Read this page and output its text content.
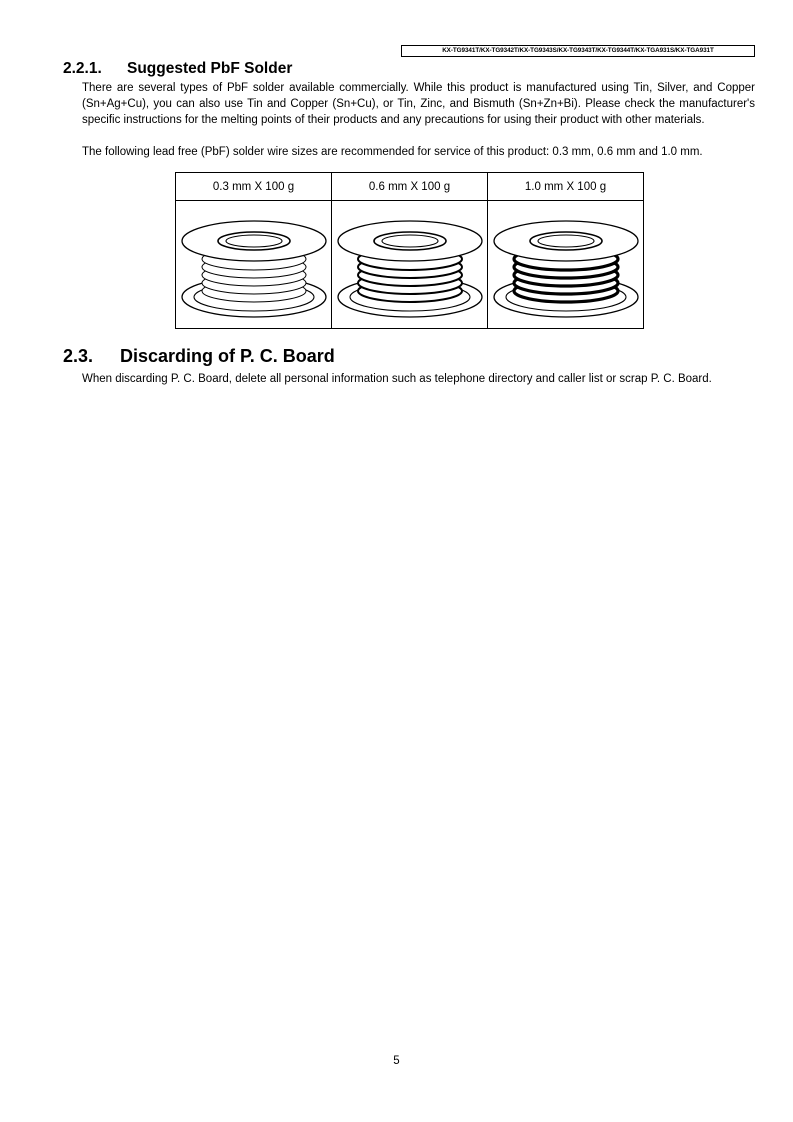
KX-TG9341T/KX-TG9342T/KX-TG9343S/KX-TG9343T/KX-TG9344T/KX-TGA931S/KX-TGA931T
2.2.1. Suggested PbF Solder
There are several types of PbF solder available commercially. While this product is manufactured using Tin, Silver, and Copper (Sn+Ag+Cu), you can also use Tin and Copper (Sn+Cu), or Tin, Zinc, and Bismuth (Sn+Zn+Bi). Please check the manufacturer's specific instructions for the melting points of their products and any precautions for using their product with other materials.
The following lead free (PbF) solder wire sizes are recommended for service of this product: 0.3 mm, 0.6 mm and 1.0 mm.
0.3 mm X 100 g	0.6 mm X 100 g	1.0 mm X 100 g

2.3. Discarding of P. C. Board
When discarding P. C. Board, delete all personal information such as telephone directory and caller list or scrap P. C. Board.
5
